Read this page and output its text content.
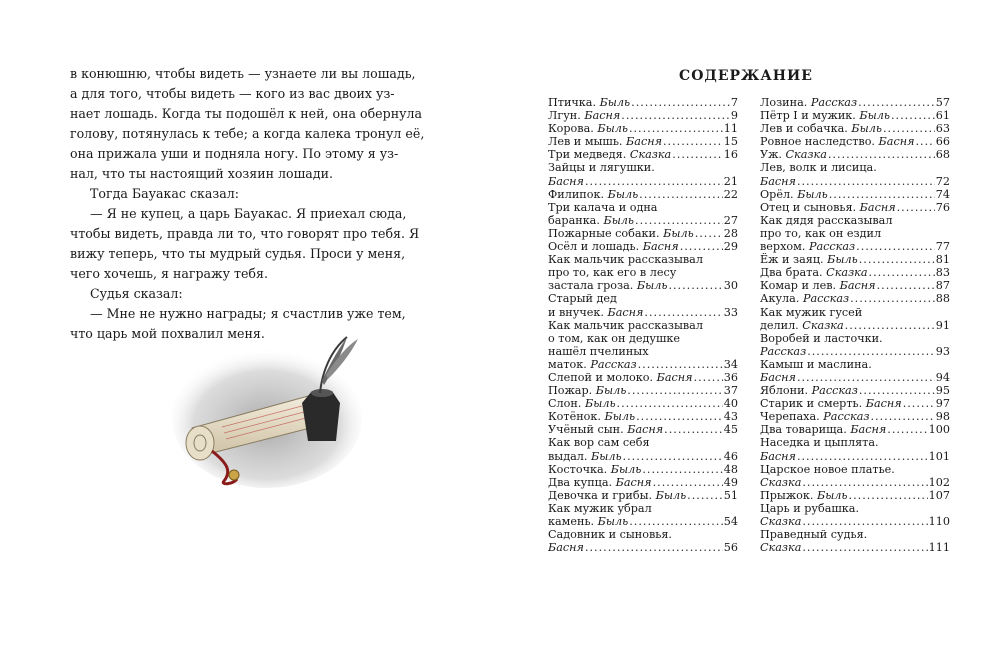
в конюшню, чтобы видеть — узнаете ли вы лошадь,

а для того, чтобы видеть — кого из вас двоих уз-

нает лошадь. Когда ты подошёл к ней, она обернула

голову, потянулась к тебе; а когда калека тронул её,

она прижала уши и подняла ногу. По этому я уз-

нал, что ты настоящий хозяин лошади.

Тогда Бауакас сказал:

— Я не купец, а царь Бауакас. Я приехал сюда,

чтобы видеть, правда ли то, что говорят про тебя. Я

вижу теперь, что ты мудрый судья. Проси у меня,

чего хочешь, я награжу тебя.

Судья сказал:

— Мне не нужно награды; я счастлив уже тем,

что царь мой похвалил меня.

СОДЕРЖАНИЕ
Птичка. Быль .....	7
Лгун. Басня .....	9
Корова. Быль .....	11
Лев и мышь. Басня .....	15
Три медведя. Сказка .....	16
Зайцы и лягушки.
Басня .....	21
Филипок. Быль .....	22
Три калача и одна
баранка. Быль .....	27
Пожарные собаки. Быль .....	28
Осёл и лошадь. Басня .....	29
Как мальчик рассказывал
про то, как его в лесу
застала гроза. Быль .....	30
Старый дед
и внучек. Басня .....	33
Как мальчик рассказывал
о том, как он дедушке
нашёл пчелиных
маток. Рассказ .....	34
Слепой и молоко. Басня .....	36
Пожар. Быль .....	37
Слон. Быль .....	40
Котёнок. Быль .....	43
Учёный сын. Басня .....	45
Как вор сам себя
выдал. Быль .....	46
Косточка. Быль .....	48
Два купца. Басня .....	49
Девочка и грибы. Быль .....	51
Как мужик убрал
камень. Быль .....	54
Садовник и сыновья.
Басня .....	56
Лозина. Рассказ .....	57
Пётр I и мужик. Быль .....	61
Лев и собачка. Быль .....	63
Ровное наследство. Басня ..... 66
Уж. Сказка .....	68
Лев, волк и лисица.
Басня .....	72
Орёл. Быль .....	74
Отец и сыновья. Басня .....	76
Как дядя рассказывал
про то, как он ездил
верхом. Рассказ .....	77
Ёж и заяц. Быль .....	81
Два брата. Сказка .....	83
Комар и лев. Басня .....	87
Акула. Рассказ .....	88
Как мужик гусей
делил. Сказка .....	91
Воробей и ласточки.
Рассказ .....	93
Камыш и маслина.
Басня .....	94
Яблони. Рассказ .....	95
Старик и смерть. Басня .....	97
Черепаха. Рассказ .....	98
Два товарища. Басня .....	100
Наседка и цыплята.
Басня .....	101
Царское новое платье.
Сказка .....	102
Прыжок. Быль .....	107
Царь и рубашка.
Сказка .....	110
Праведный судья.
Сказка .....	111
